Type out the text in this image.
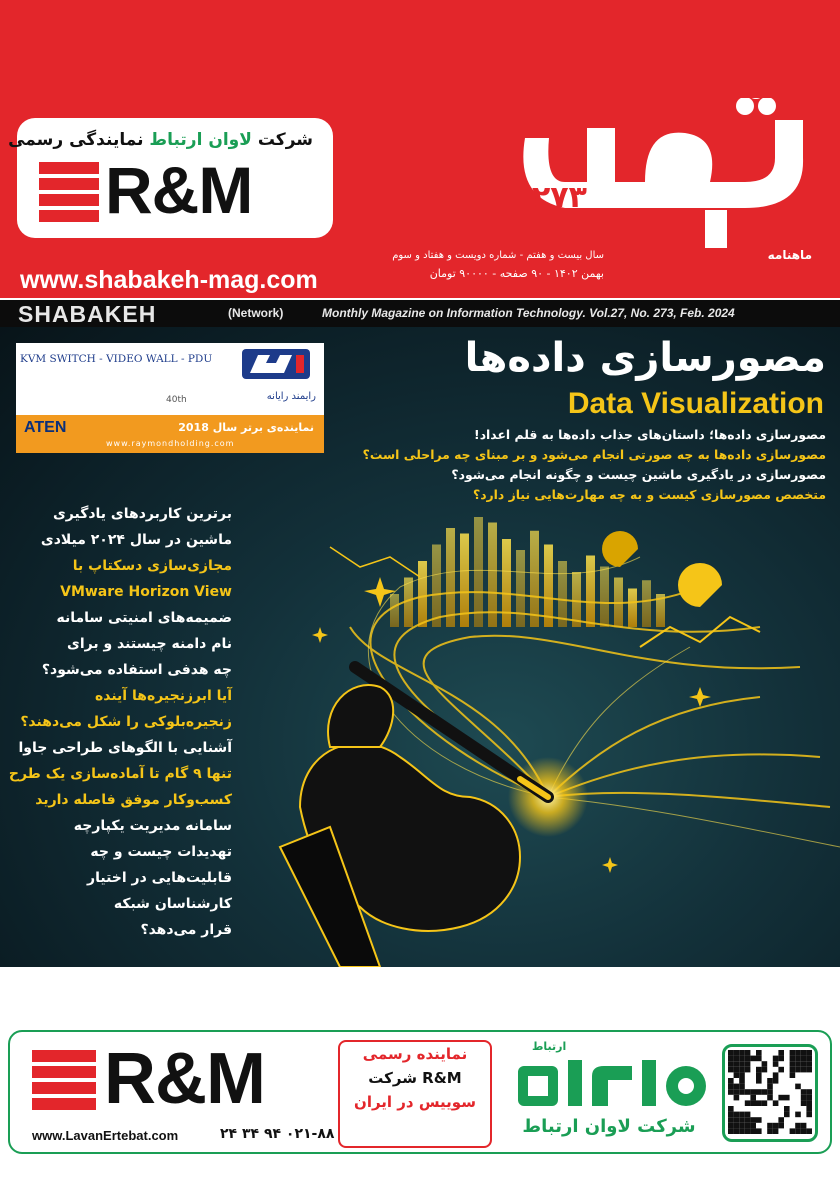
شرکت لاوان ارتباط نمایندگی رسمی
R&M
www.shabakeh-mag.com
۲۷۳
ماهنامه
سال بیست و هفتم - شماره دویست و هفتاد و سوم
بهمن ۱۴۰۲ - ۹۰ صفحه - ۹۰۰۰۰ تومان
SHABAKEH	(Network)	Monthly Magazine on Information Technology. Vol.27, No. 273, Feb. 2024
KVM SWITCH - VIDEO WALL - PDU
رایمند رایانه
40th
ATEN	نماینده‌ی برتر سال 2018
www.raymondholding.com
مصورسازی داده‌ها
Data Visualization
مصورسازی داده‌ها؛ داستان‌های جذاب داده‌ها به قلم اعداد!
مصورسازی داده‌ها به چه صورتی انجام می‌شود و بر مبنای چه مراحلی است؟
مصورسازی در یادگیری ماشین چیست و چگونه انجام می‌شود؟
متخصص مصورسازی کیست و به چه مهارت‌هایی نیاز دارد؟
برترین کاربردهای یادگیری
ماشین در سال ۲۰۲۴ میلادی
مجازی‌سازی دسکتاپ با
VMware Horizon View
ضمیمه‌های امنیتی سامانه
نام دامنه چیستند و برای
چه هدفی استفاده می‌شود؟
آیا ابرزنجیره‌ها آینده
زنجیره‌بلوکی را شکل می‌دهند؟
آشنایی با الگوهای طراحی جاوا
تنها ۹ گام تا آماده‌سازی یک طرح
کسب‌وکار موفق فاصله دارید
سامانه مدیریت یکپارچه
تهدیدات چیست و چه
قابلیت‌هایی در اختیار
کارشناسان شبکه
قرار می‌دهد؟
R&M
www.LavanErtebat.com	۰۲۱-۸۸ ۹۴ ۳۴ ۲۴
نماینده رسمی
R&M شرکت
سوییس در ایران
ارتباط
شرکت لاوان ارتباط
